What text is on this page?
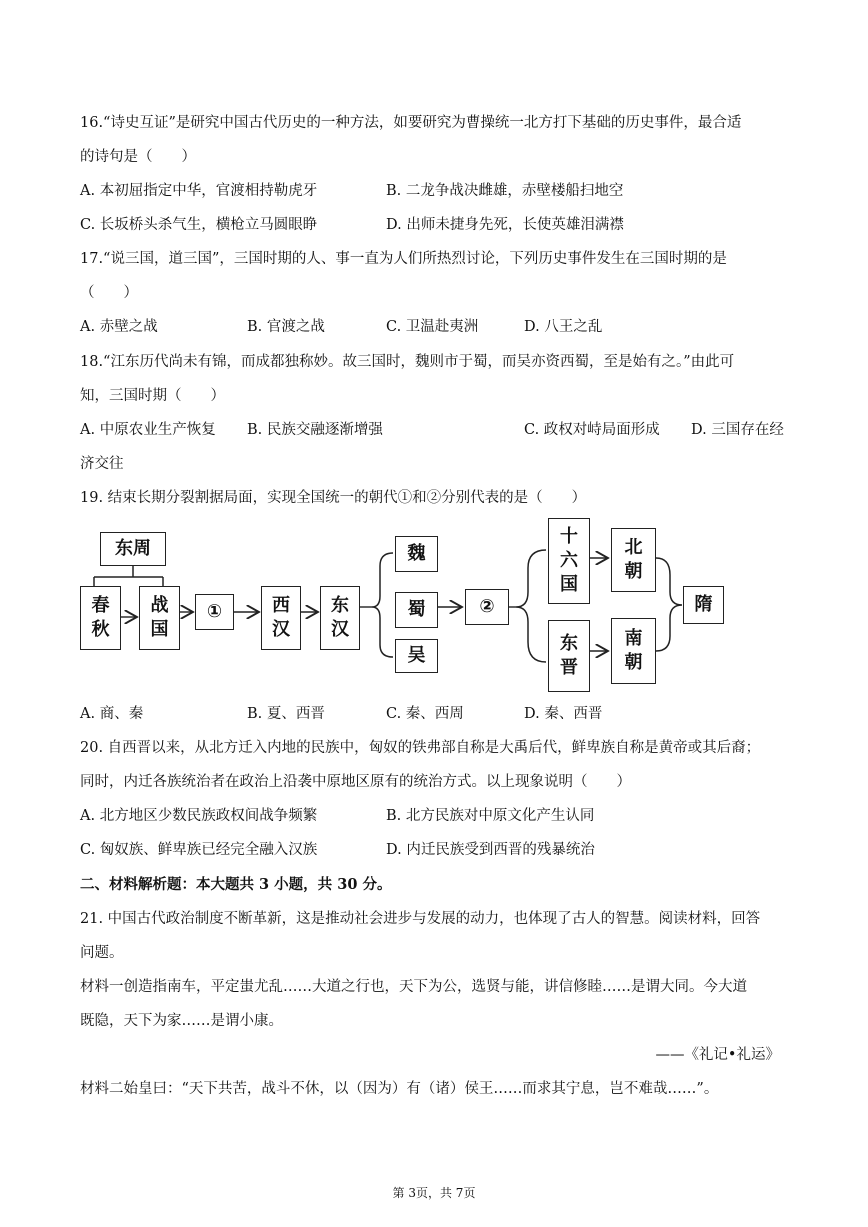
16.“诗史互证”是研究中国古代历史的一种方法，如要研究为曹操统一北方打下基础的历史事件，最合适
的诗句是（　　）
A. 本初屈指定中华，官渡相持勒虎牙	B. 二龙争战决雌雄，赤壁楼船扫地空
C. 长坂桥头杀气生，横枪立马圆眼睁	D. 出师未捷身先死，长使英雄泪满襟
17.“说三国，道三国”，三国时期的人、事一直为人们所热烈讨论，下列历史事件发生在三国时期的是
（　　）
A. 赤壁之战	B. 官渡之战	C. 卫温赴夷洲	D. 八王之乱
18.“江东历代尚未有锦，而成都独称妙。故三国时，魏则市于蜀，而吴亦资西蜀，至是始有之。”由此可
知，三国时期（　　）
A. 中原农业生产恢复 B. 民族交融逐渐增强	C. 政权对峙局面形成 D. 三国存在经
济交往
19. 结束长期分裂割据局面，实现全国统一的朝代①和②分别代表的是（　　）
东周
春
秋
战
国
①	西
汉
东
汉
魏
蜀
吴
②
十
六
国
北
朝
东
晋
南
朝
隋
A. 商、秦	B. 夏、西晋	C. 秦、西周	D. 秦、西晋
20. 自西晋以来，从北方迁入内地的民族中，匈奴的铁弗部自称是大禹后代，鲜卑族自称是黄帝或其后裔；
同时，内迁各族统治者在政治上沿袭中原地区原有的统治方式。以上现象说明（　　）
A. 北方地区少数民族政权间战争频繁	B. 北方民族对中原文化产生认同
C. 匈奴族、鲜卑族已经完全融入汉族	D. 内迁民族受到西晋的残暴统治
二、材料解析题：本大题共 3 小题，共 30 分。
21. 中国古代政治制度不断革新，这是推动社会进步与发展的动力，也体现了古人的智慧。阅读材料，回答
问题。
材料一创造指南车，平定蚩尤乱……大道之行也，天下为公，选贤与能，讲信修睦……是谓大同。今大道
既隐，天下为家……是谓小康。
——《礼记•礼运》
材料二始皇曰：“天下共苦，战斗不休，以（因为）有（诸）侯王……而求其宁息，岂不难哉……”。
第 3页，共 7页
